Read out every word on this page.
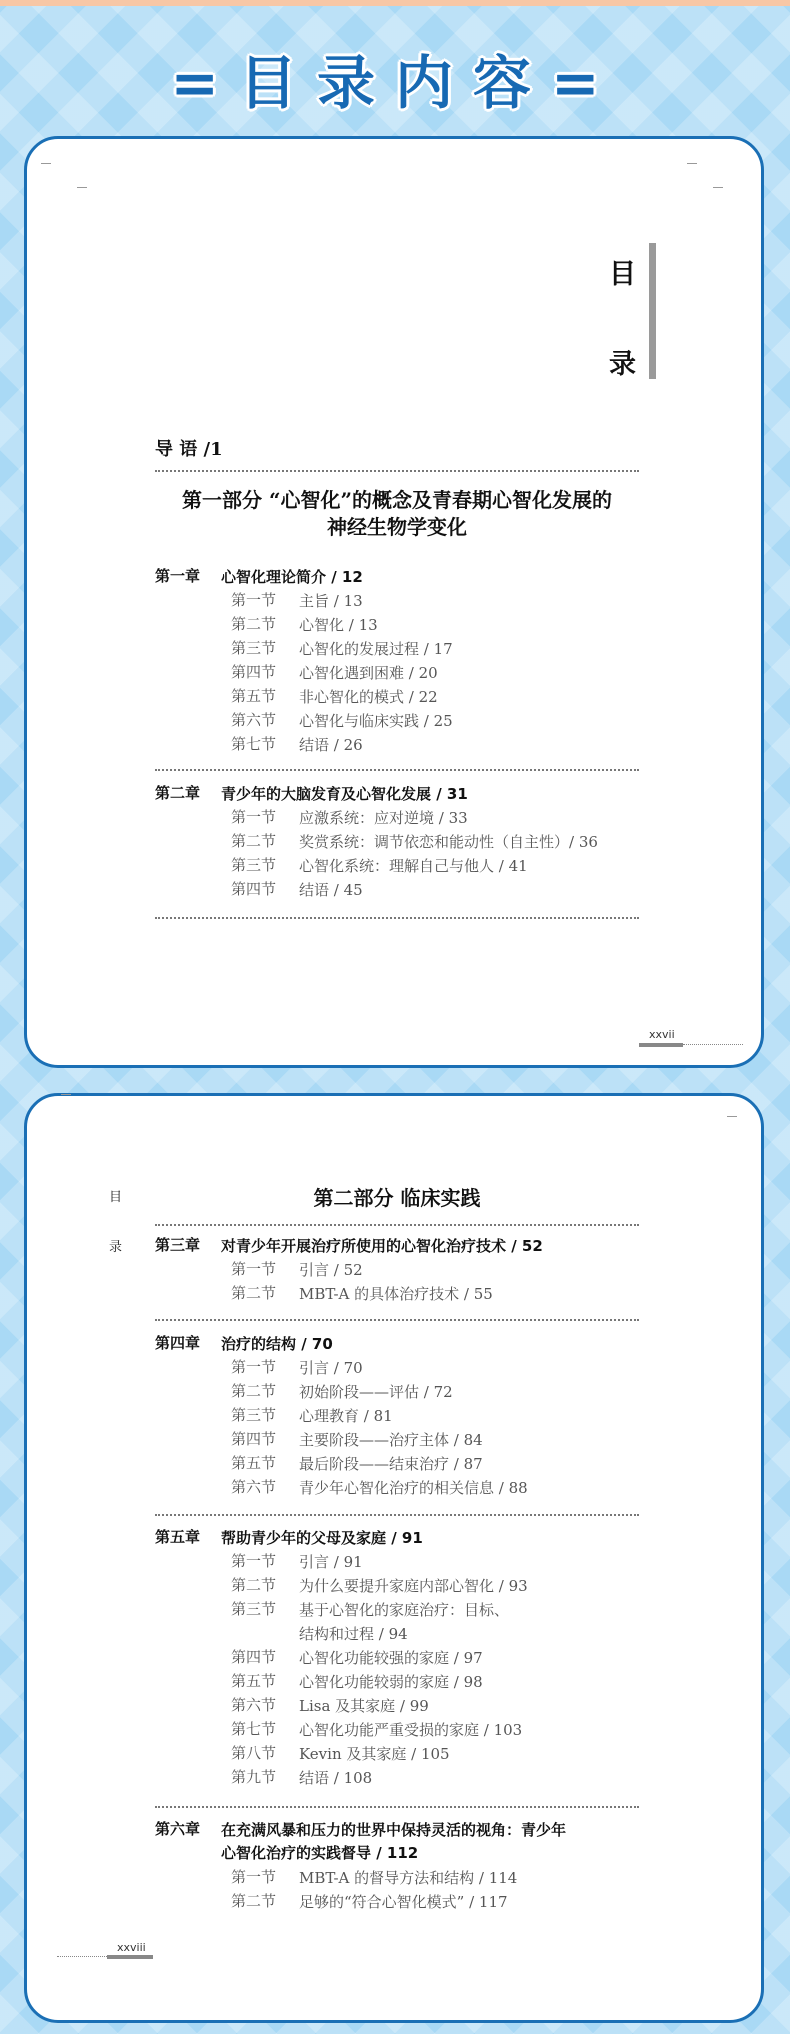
=目录内容=
目
录
导 语 /1
第一部分 “心智化”的概念及青春期心智化发展的
神经生物学变化
第一章 心智化理论简介 / 12
第一节 主旨 / 13
第二节 心智化 / 13
第三节 心智化的发展过程 / 17
第四节 心智化遇到困难 / 20
第五节 非心智化的模式 / 22
第六节 心智化与临床实践 / 25
第七节 结语 / 26
第二章 青少年的大脑发育及心智化发展 / 31
第一节 应激系统：应对逆境 / 33
第二节 奖赏系统：调节依恋和能动性（自主性）/ 36
第三节 心智化系统：理解自己与他人 / 41
第四节 结语 / 45
xxvii
目
录
第二部分 临床实践
第三章 对青少年开展治疗所使用的心智化治疗技术 / 52
第一节 引言 / 52
第二节 MBT-A 的具体治疗技术 / 55
第四章 治疗的结构 / 70
第一节 引言 / 70
第二节 初始阶段——评估 / 72
第三节 心理教育 / 81
第四节 主要阶段——治疗主体 / 84
第五节 最后阶段——结束治疗 / 87
第六节 青少年心智化治疗的相关信息 / 88
第五章 帮助青少年的父母及家庭 / 91
第一节 引言 / 91
第二节 为什么要提升家庭内部心智化 / 93
第三节 基于心智化的家庭治疗：目标、
结构和过程 / 94
第四节 心智化功能较强的家庭 / 97
第五节 心智化功能较弱的家庭 / 98
第六节 Lisa 及其家庭 / 99
第七节 心智化功能严重受损的家庭 / 103
第八节 Kevin 及其家庭 / 105
第九节 结语 / 108
第六章 在充满风暴和压力的世界中保持灵活的视角：青少年
心智化治疗的实践督导 / 112
第一节 MBT-A 的督导方法和结构 / 114
第二节 足够的“符合心智化模式” / 117
xxviii
